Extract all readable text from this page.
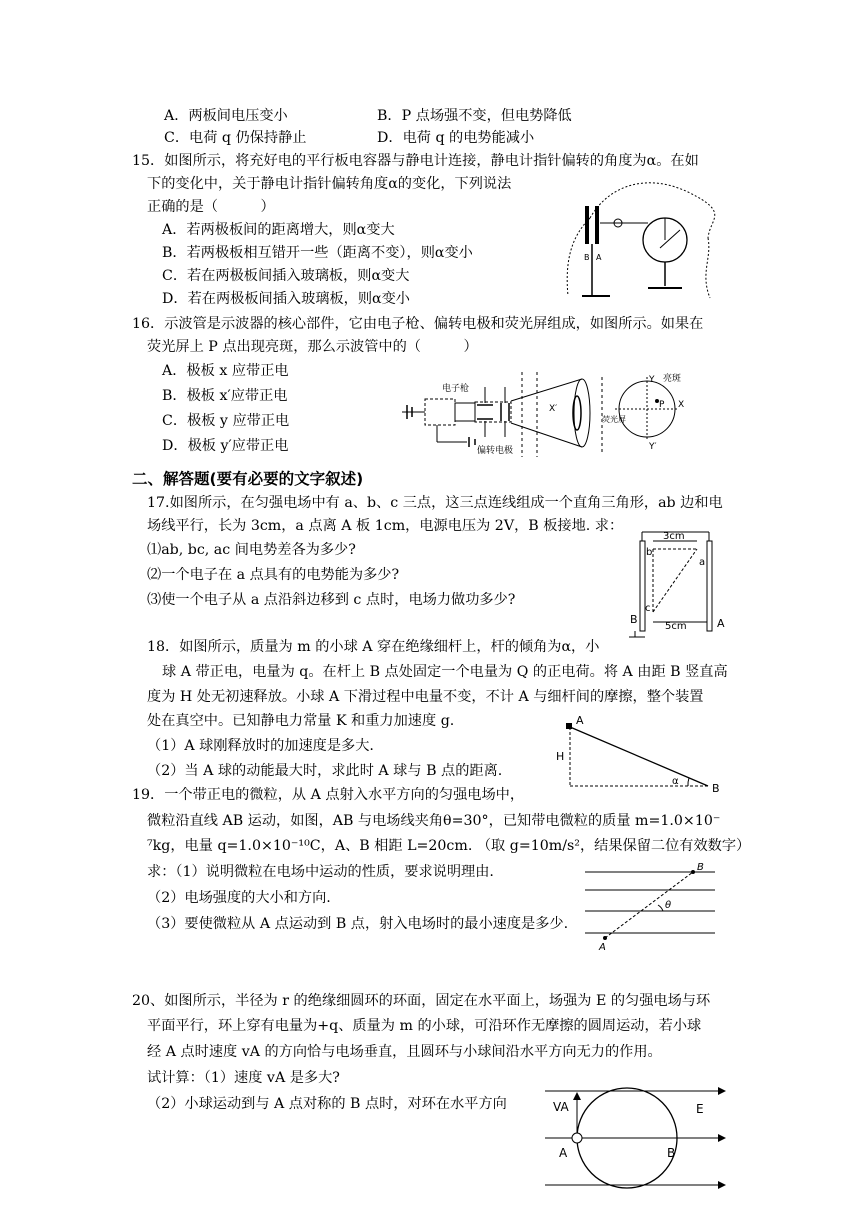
A．两板间电压变小	B．P 点场强不变，但电势降低
C．电荷 q 仍保持静止	D．电荷 q 的电势能减小
15．如图所示，将充好电的平行板电容器与静电计连接，静电计指针偏转的角度为α。在如
下的变化中，关于静电计指针偏转角度α的变化，下列说法
正确的是（　　　）
A．若两极板间的距离增大，则α变大
B．若两极板相互错开一些（距离不变），则α变小
C．若在两极板间插入玻璃板，则α变大
D．若在两极板间插入玻璃板，则α变小
B A
16．示波管是示波器的核心部件，它由电子枪、偏转电极和荧光屏组成，如图所示。如果在
荧光屏上 P 点出现亮斑，那么示波管中的（　　　）
A．极板 x 应带正电
B．极板 x′应带正电
C．极板 y 应带正电
D．极板 y′应带正电
电子枪
偏转电极
荧光屏
亮斑
P X
Y
Y′
X′
二、解答题(要有必要的文字叙述)
17.如图所示，在匀强电场中有 a、b、c 三点，这三点连线组成一个直角三角形，ab 边和电
场线平行，长为 3cm，a 点离 A 板 1cm，电源电压为 2V，B 板接地. 求：
⑴ab, bc, ac 间电势差各为多少?
⑵一个电子在 a 点具有的电势能为多少?
⑶使一个电子从 a 点沿斜边移到 c 点时，电场力做功多少?
3cm
5cm
b
a
c
B	A
18．如图所示，质量为 m 的小球 A 穿在绝缘细杆上，杆的倾角为α，小
球 A 带正电，电量为 q。在杆上 B 点处固定一个电量为 Q 的正电荷。将 A 由距 B 竖直高
度为 H 处无初速释放。小球 A 下滑过程中电量不变，不计 A 与细杆间的摩擦，整个装置
处在真空中。已知静电力常量 K 和重力加速度 g.
（1）A 球刚释放时的加速度是多大.
（2）当 A 球的动能最大时，求此时 A 球与 B 点的距离.
A
H
α
B
19．一个带正电的微粒，从 A 点射入水平方向的匀强电场中，
微粒沿直线 AB 运动，如图，AB 与电场线夹角θ=30°，已知带电微粒的质量 m=1.0×10⁻
⁷kg，电量 q=1.0×10⁻¹⁰C，A、B 相距 L=20cm. （取 g=10m/s²，结果保留二位有效数字）
求：（1）说明微粒在电场中运动的性质，要求说明理由.
（2）电场强度的大小和方向.
（3）要使微粒从 A 点运动到 B 点，射入电场时的最小速度是多少.
θ
A
B
20、如图所示，半径为 r 的绝缘细圆环的环面，固定在水平面上，场强为 E 的匀强电场与环
平面平行，环上穿有电量为+q、质量为 m 的小球，可沿环作无摩擦的圆周运动，若小球
经 A 点时速度 vA 的方向恰与电场垂直，且圆环与小球间沿水平方向无力的作用。
试计算：（1）速度 vA 是多大?
（2）小球运动到与 A 点对称的 B 点时，对环在水平方向	VA
A	B
E
